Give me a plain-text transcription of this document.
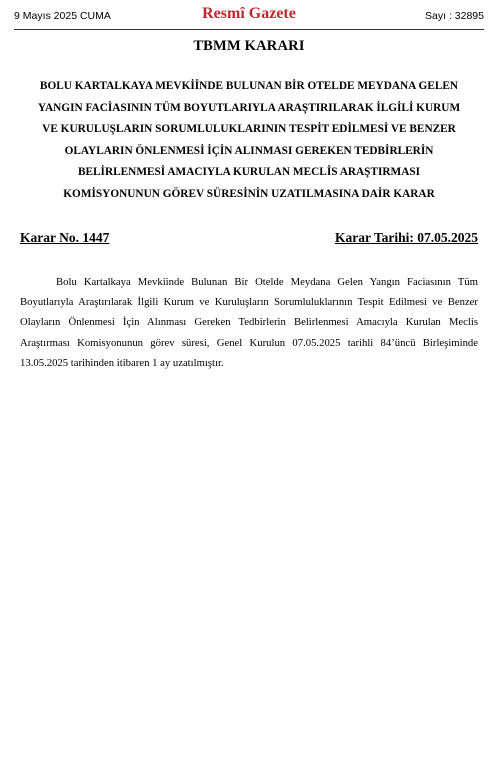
9 Mayıs 2025 CUMA	Resmî Gazete	Sayı : 32895
TBMM KARARI
BOLU KARTALKAYA MEVKİİNDE BULUNAN BİR OTELDE MEYDANA GELEN
YANGIN FACİASININ TÜM BOYUTLARIYLA ARAŞTIRILARAK İLGİLİ KURUM
VE KURULUŞLARIN SORUMLULUKLARININ TESPİT EDİLMESİ VE BENZER
OLAYLARIN ÖNLENMESİ İÇİN ALINMASI GEREKEN TEDBİRLERİN
BELİRLENMESİ AMACIYLA KURULAN MECLİS ARAŞTIRMASI
KOMİSYONUNUN GÖREV SÜRESİNİN UZATILMASINA DAİR KARAR
Karar No. 1447	Karar Tarihi: 07.05.2025

Bolu Kartalkaya Mevkiinde Bulunan Bir Otelde Meydana Gelen Yangın Faciasının Tüm Boyutlarıyla Araştırılarak İlgili Kurum ve Kuruluşların Sorumluluklarının Tespit Edilmesi ve Benzer Olayların Önlenmesi İçin Alınması Gereken Tedbirlerin Belirlenmesi Amacıyla Kurulan Meclis Araştırması Komisyonunun görev süresi, Genel Kurulun 07.05.2025 tarihli 84’üncü Birleşiminde 13.05.2025 tarihinden itibaren 1 ay uzatılmıştır.
